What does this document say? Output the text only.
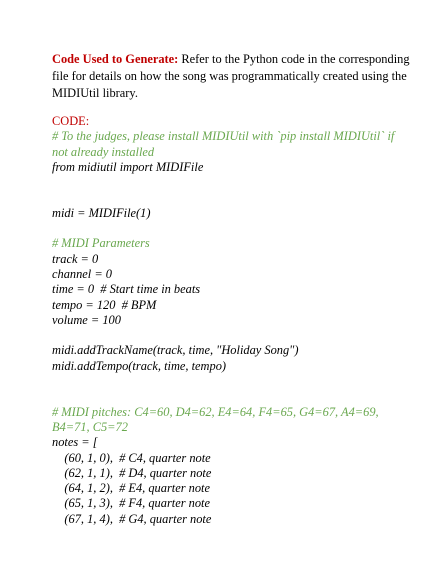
Code Used to Generate: Refer to the Python code in the corresponding file for details on how the song was programmatically created using the MIDIUtil library.

CODE:
# To the judges, please install MIDIUtil with `pip install MIDIUtil` if not already installed
from midiutil import MIDIFile
midi = MIDIFile(1)
# MIDI Parameters
track = 0
channel = 0
time = 0  # Start time in beats
tempo = 120  # BPM
volume = 100
midi.addTrackName(track, time, "Holiday Song")
midi.addTempo(track, time, tempo)
# MIDI pitches: C4=60, D4=62, E4=64, F4=65, G4=67, A4=69, B4=71, C5=72
notes = [
(60, 1, 0),  # C4, quarter note
(62, 1, 1),  # D4, quarter note
(64, 1, 2),  # E4, quarter note
(65, 1, 3),  # F4, quarter note
(67, 1, 4),  # G4, quarter note
